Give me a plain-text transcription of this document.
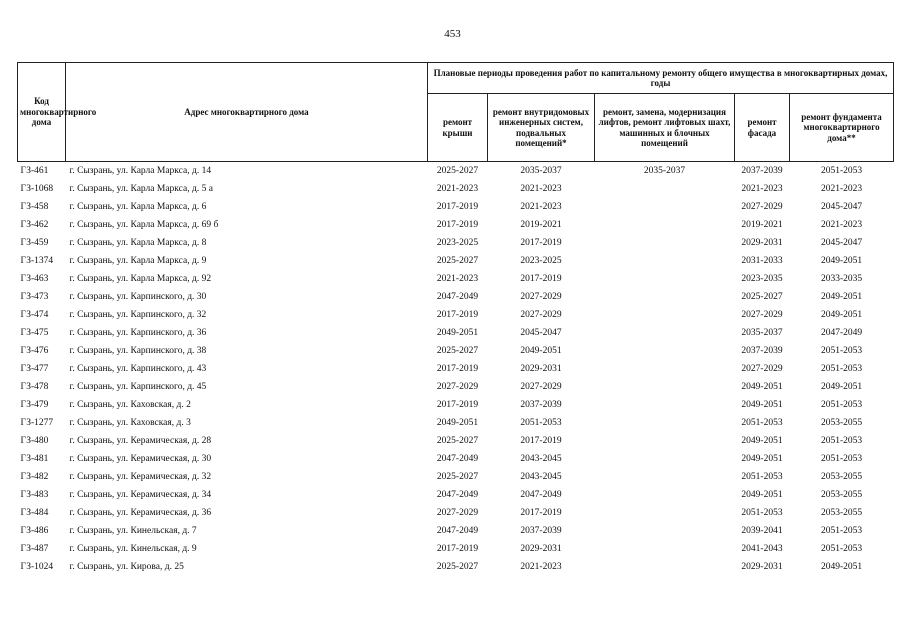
453
Код многоквартирного дома	Адрес многоквартирного дома	Плановые периоды проведения работ по капитальному ремонту общего имущества в многоквартирных домах, годы				
		ремонт крыши	ремонт внутридомовых инженерных систем, подвальных помещений*	ремонт, замена, модернизация лифтов, ремонт лифтовых шахт, машинных и блочных помещений	ремонт фасада	ремонт фундамента многоквартирного дома**
ГЗ-461	г. Сызрань, ул. Карла Маркса, д. 14	2025-2027	2035-2037	2035-2037	2037-2039	2051-2053
ГЗ-1068	г. Сызрань, ул. Карла Маркса, д. 5 а	2021-2023	2021-2023		2021-2023	2021-2023
ГЗ-458	г. Сызрань, ул. Карла Маркса, д. 6	2017-2019	2021-2023		2027-2029	2045-2047
ГЗ-462	г. Сызрань, ул. Карла Маркса, д. 69 б	2017-2019	2019-2021		2019-2021	2021-2023
ГЗ-459	г. Сызрань, ул. Карла Маркса, д. 8	2023-2025	2017-2019		2029-2031	2045-2047
ГЗ-1374	г. Сызрань, ул. Карла Маркса, д. 9	2025-2027	2023-2025		2031-2033	2049-2051
ГЗ-463	г. Сызрань, ул. Карла Маркса, д. 92	2021-2023	2017-2019		2023-2035	2033-2035
ГЗ-473	г. Сызрань, ул. Карпинского, д. 30	2047-2049	2027-2029		2025-2027	2049-2051
ГЗ-474	г. Сызрань, ул. Карпинского, д. 32	2017-2019	2027-2029		2027-2029	2049-2051
ГЗ-475	г. Сызрань, ул. Карпинского, д. 36	2049-2051	2045-2047		2035-2037	2047-2049
ГЗ-476	г. Сызрань, ул. Карпинского, д. 38	2025-2027	2049-2051		2037-2039	2051-2053
ГЗ-477	г. Сызрань, ул. Карпинского, д. 43	2017-2019	2029-2031		2027-2029	2051-2053
ГЗ-478	г. Сызрань, ул. Карпинского, д. 45	2027-2029	2027-2029		2049-2051	2049-2051
ГЗ-479	г. Сызрань, ул. Каховская, д. 2	2017-2019	2037-2039		2049-2051	2051-2053
ГЗ-1277	г. Сызрань, ул. Каховская, д. 3	2049-2051	2051-2053		2051-2053	2053-2055
ГЗ-480	г. Сызрань, ул. Керамическая, д. 28	2025-2027	2017-2019		2049-2051	2051-2053
ГЗ-481	г. Сызрань, ул. Керамическая, д. 30	2047-2049	2043-2045		2049-2051	2051-2053
ГЗ-482	г. Сызрань, ул. Керамическая, д. 32	2025-2027	2043-2045		2051-2053	2053-2055
ГЗ-483	г. Сызрань, ул. Керамическая, д. 34	2047-2049	2047-2049		2049-2051	2053-2055
ГЗ-484	г. Сызрань, ул. Керамическая, д. 36	2027-2029	2017-2019		2051-2053	2053-2055
ГЗ-486	г. Сызрань, ул. Кинельская, д. 7	2047-2049	2037-2039		2039-2041	2051-2053
ГЗ-487	г. Сызрань, ул. Кинельская, д. 9	2017-2019	2029-2031		2041-2043	2051-2053
ГЗ-1024	г. Сызрань, ул. Кирова, д. 25	2025-2027	2021-2023		2029-2031	2049-2051
